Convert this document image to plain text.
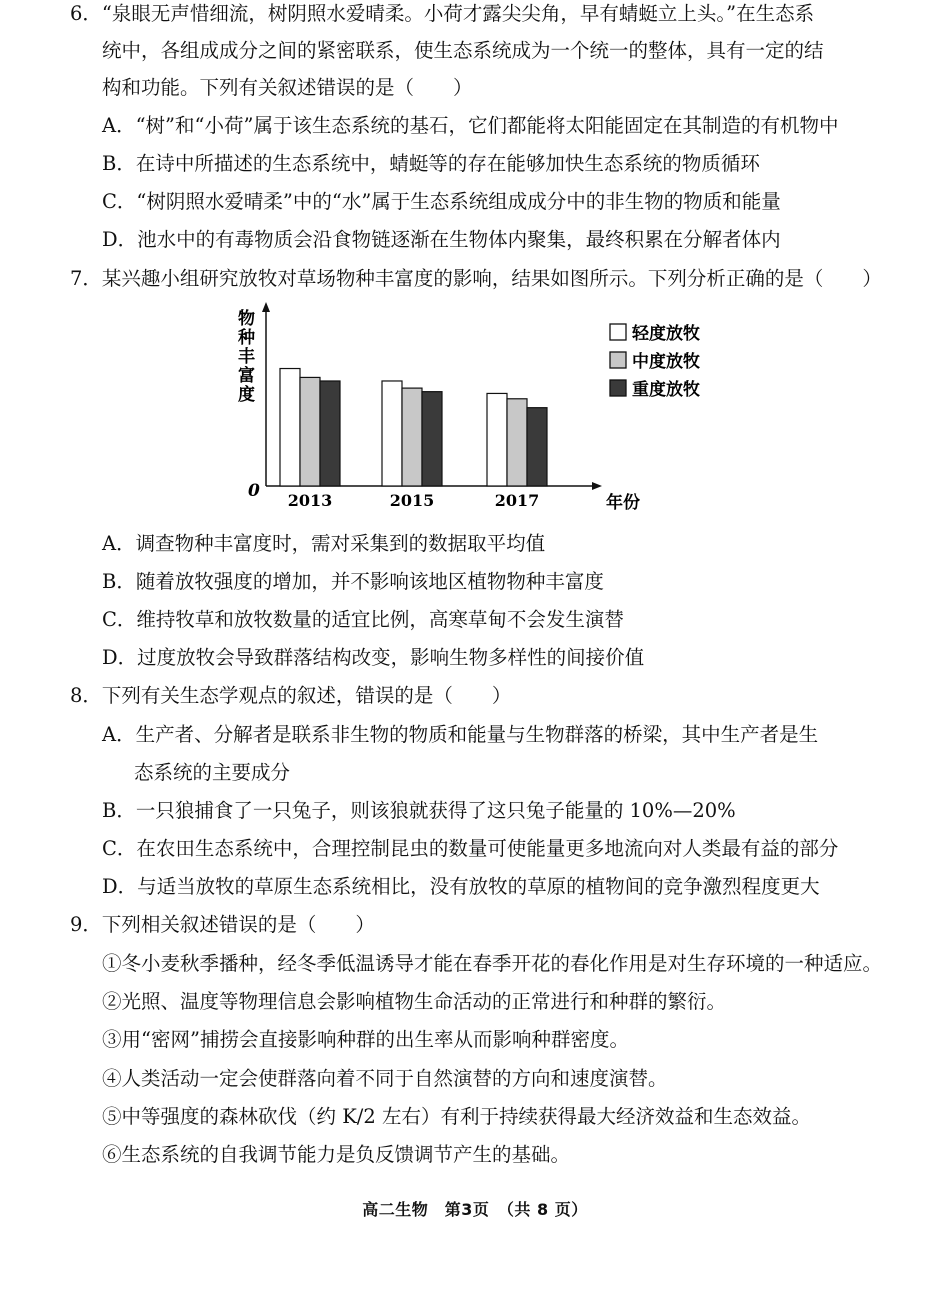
6．“泉眼无声惜细流，树阴照水爱晴柔。小荷才露尖尖角，早有蜻蜓立上头。”在生态系
统中，各组成成分之间的紧密联系，使生态系统成为一个统一的整体，具有一定的结
构和功能。下列有关叙述错误的是（　　）
A．“树”和“小荷”属于该生态系统的基石，它们都能将太阳能固定在其制造的有机物中
B．在诗中所描述的生态系统中，蜻蜓等的存在能够加快生态系统的物质循环
C．“树阴照水爱晴柔”中的“水”属于生态系统组成成分中的非生物的物质和能量
D．池水中的有毒物质会沿食物链逐渐在生物体内聚集，最终积累在分解者体内
7．某兴趣小组研究放牧对草场物种丰富度的影响，结果如图所示。下列分析正确的是（　　）
物
种
丰
富
度
0
年份
2013	2015	2017
轻度放牧
中度放牧
重度放牧
A．调查物种丰富度时，需对采集到的数据取平均值
B．随着放牧强度的增加，并不影响该地区植物物种丰富度
C．维持牧草和放牧数量的适宜比例，高寒草甸不会发生演替
D．过度放牧会导致群落结构改变，影响生物多样性的间接价值
8．下列有关生态学观点的叙述，错误的是（　　）
A．生产者、分解者是联系非生物的物质和能量与生物群落的桥梁，其中生产者是生
态系统的主要成分
B．一只狼捕食了一只兔子，则该狼就获得了这只兔子能量的 10%—20%
C．在农田生态系统中，合理控制昆虫的数量可使能量更多地流向对人类最有益的部分
D．与适当放牧的草原生态系统相比，没有放牧的草原的植物间的竞争激烈程度更大
9．下列相关叙述错误的是（　　）
①冬小麦秋季播种，经冬季低温诱导才能在春季开花的春化作用是对生存环境的一种适应。
②光照、温度等物理信息会影响植物生命活动的正常进行和种群的繁衍。
③用“密网”捕捞会直接影响种群的出生率从而影响种群密度。
④人类活动一定会使群落向着不同于自然演替的方向和速度演替。
⑤中等强度的森林砍伐（约 K/2 左右）有利于持续获得最大经济效益和生态效益。
⑥生态系统的自我调节能力是负反馈调节产生的基础。
高二生物　第3页　（共 8 页）
